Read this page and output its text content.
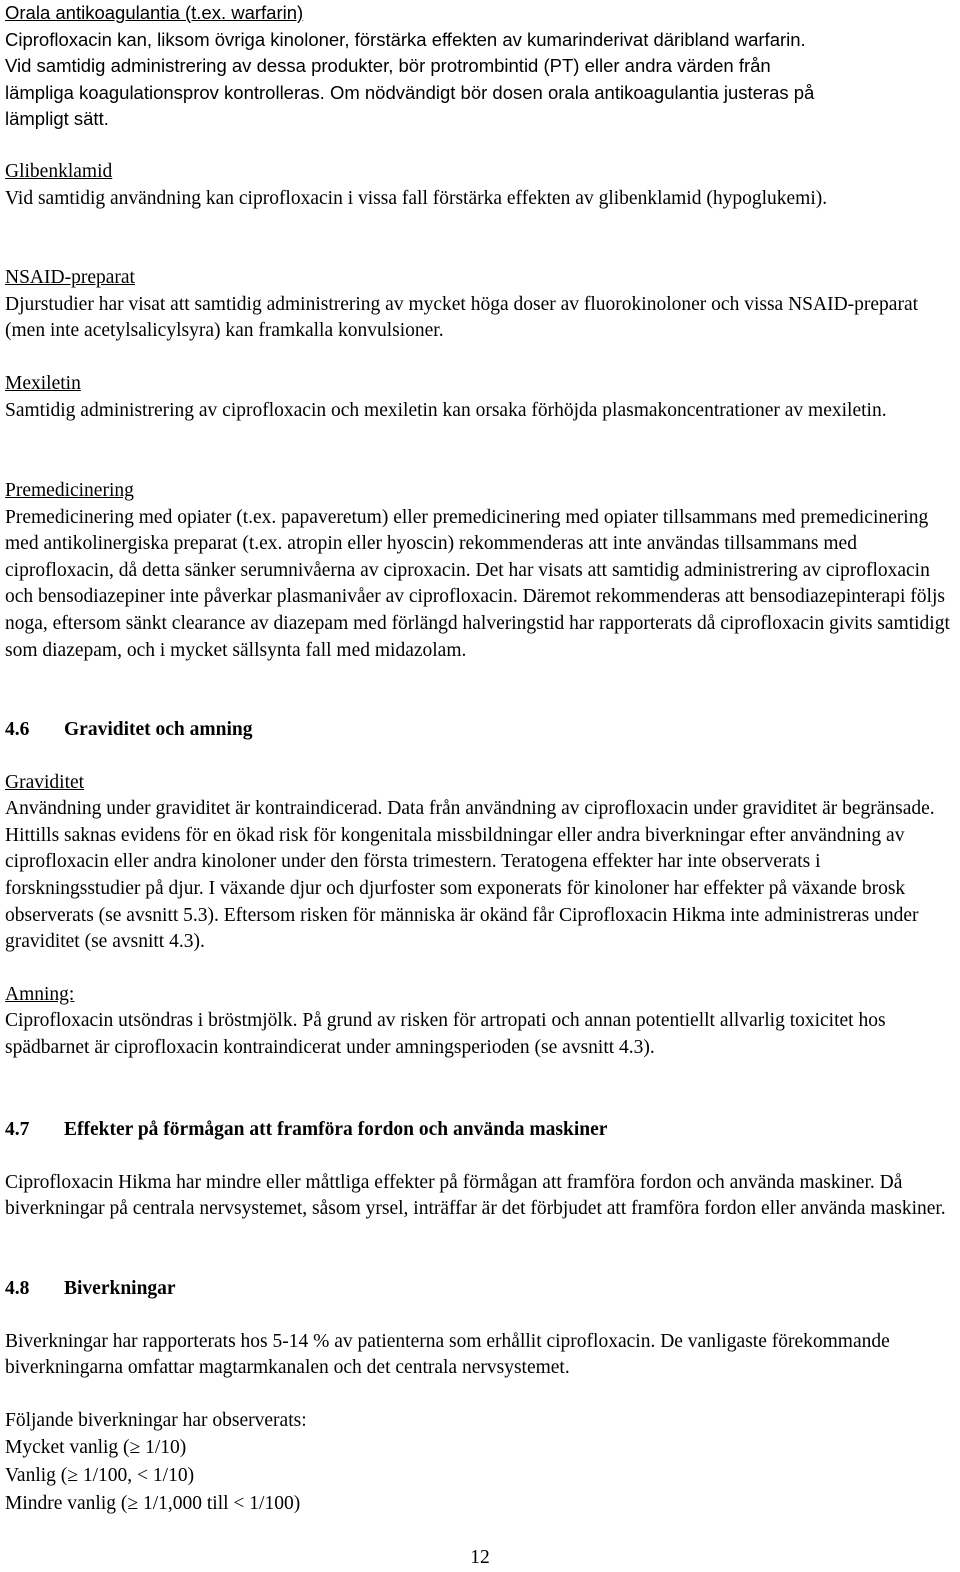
Orala antikoagulantia (t.ex. warfarin)

Ciprofloxacin kan, liksom övriga kinoloner, förstärka effekten av kumarinderivat däribland warfarin.

Vid samtidig administrering av dessa produkter, bör protrombintid (PT) eller andra värden från

lämpliga koagulationsprov kontrolleras. Om nödvändigt bör dosen orala antikoagulantia justeras på

lämpligt sätt.

Glibenklamid

Vid samtidig användning kan ciprofloxacin i vissa fall förstärka effekten av glibenklamid (hypoglukemi).

NSAID-preparat

Djurstudier har visat att samtidig administrering av mycket höga doser av fluorokinoloner och vissa NSAID-preparat (men inte acetylsalicylsyra) kan framkalla konvulsioner.

Mexiletin

Samtidig administrering av ciprofloxacin och mexiletin kan orsaka förhöjda plasmakoncentrationer av mexiletin.

Premedicinering

Premedicinering med opiater (t.ex. papaveretum) eller premedicinering med opiater tillsammans med premedicinering med antikolinergiska preparat (t.ex. atropin eller hyoscin) rekommenderas att inte användas tillsammans med ciprofloxacin, då detta sänker serumnivåerna av ciproxacin. Det har visats att samtidig administrering av ciprofloxacin och bensodiazepiner inte påverkar plasmanivåer av ciprofloxacin. Däremot rekommenderas att bensodiazepinterapi följs noga, eftersom sänkt clearance av diazepam med förlängd halveringstid har rapporterats då ciprofloxacin givits samtidigt som diazepam, och i mycket sällsynta fall med midazolam.

4.6 Graviditet och amning

Graviditet

Användning under graviditet är kontraindicerad. Data från användning av ciprofloxacin under graviditet är begränsade. Hittills saknas evidens för en ökad risk för kongenitala missbildningar eller andra biverkningar efter användning av ciprofloxacin eller andra kinoloner under den första trimestern. Teratogena effekter har inte observerats i forskningsstudier på djur. I växande djur och djurfoster som exponerats för kinoloner har effekter på växande brosk observerats (se avsnitt 5.3). Eftersom risken för människa är okänd får Ciprofloxacin Hikma inte administreras under graviditet (se avsnitt 4.3).

Amning:

Ciprofloxacin utsöndras i bröstmjölk. På grund av risken för artropati och annan potentiellt allvarlig toxicitet hos spädbarnet är ciprofloxacin kontraindicerat under amningsperioden (se avsnitt 4.3).

4.7 Effekter på förmågan att framföra fordon och använda maskiner

Ciprofloxacin Hikma har mindre eller måttliga effekter på förmågan att framföra fordon och använda maskiner. Då biverkningar på centrala nervsystemet, såsom yrsel, inträffar är det förbjudet att framföra fordon eller använda maskiner.

4.8 Biverkningar

Biverkningar har rapporterats hos 5-14 % av patienterna som erhållit ciprofloxacin. De vanligaste förekommande biverkningarna omfattar magtarmkanalen och det centrala nervsystemet.

Följande biverkningar har observerats:

Mycket vanlig (≥ 1/10)

Vanlig (≥ 1/100, < 1/10)

Mindre vanlig (≥ 1/1,000 till < 1/100)

12
